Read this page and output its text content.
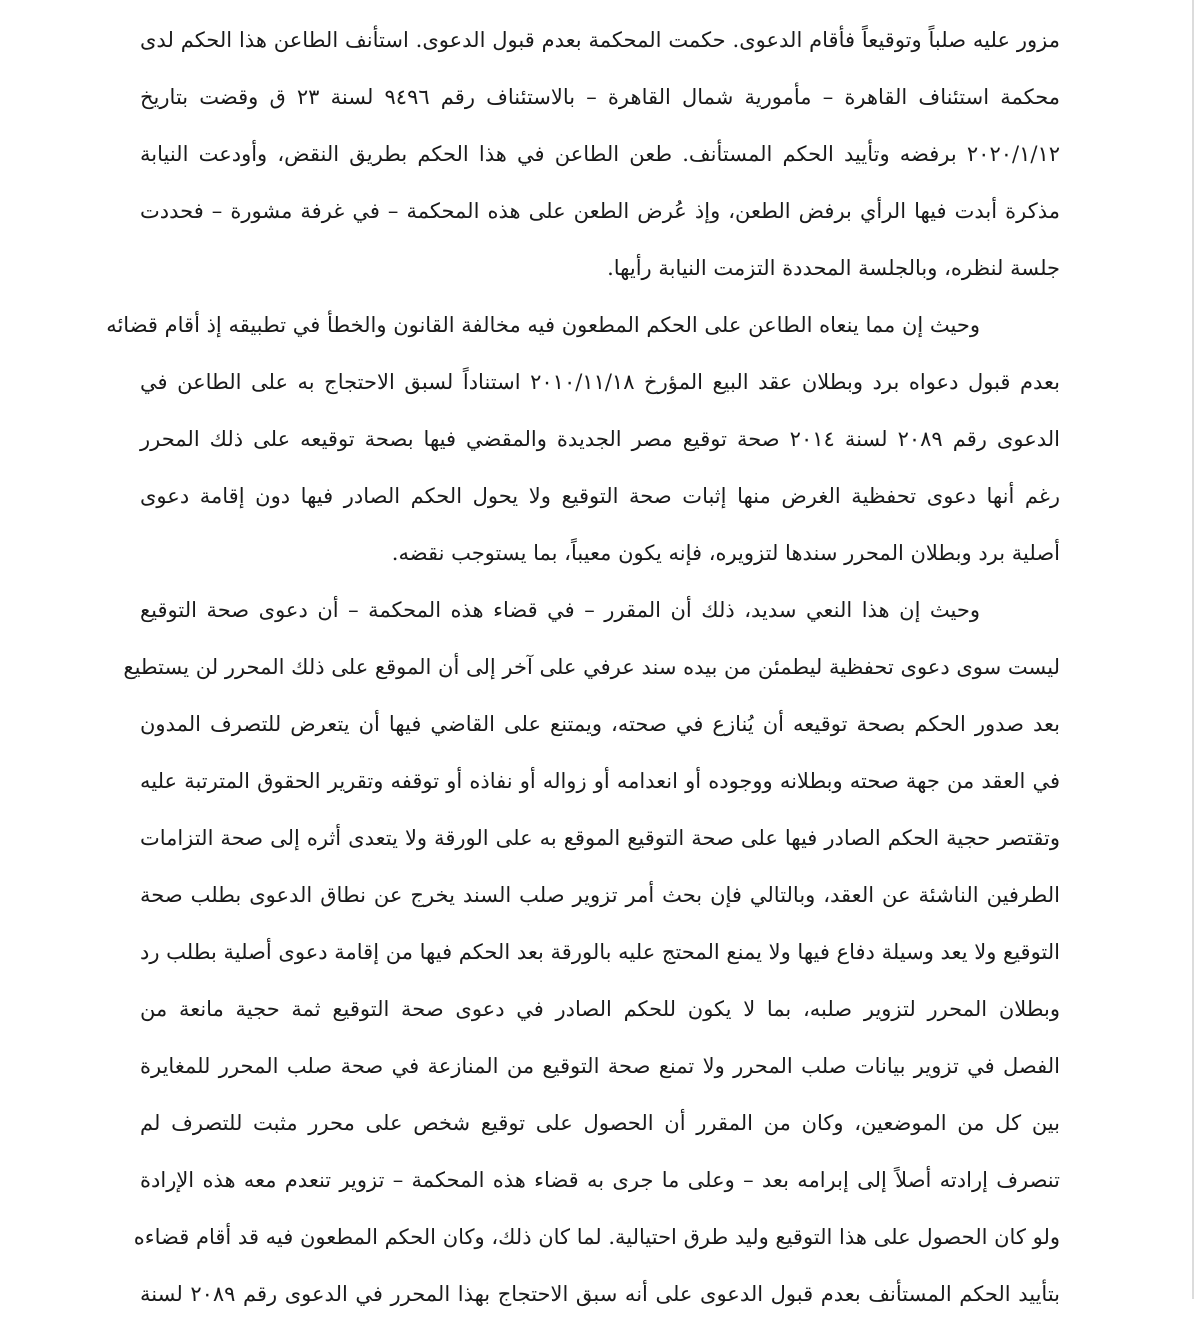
مزور عليه صلباً وتوقيعاً فأقام الدعوى. حكمت المحكمة بعدم قبول الدعوى. استأنف الطاعن هذا الحكم لدى
محكمة استئناف القاهرة – مأمورية شمال القاهرة – بالاستئناف رقم ٩٤٩٦ لسنة ٢٣ ق وقضت بتاريخ
٢٠٢٠/١/١٢ برفضه وتأييد الحكم المستأنف. طعن الطاعن في هذا الحكم بطريق النقض، وأودعت النيابة
مذكرة أبدت فيها الرأي برفض الطعن، وإذ عُرض الطعن على هذه المحكمة – في غرفة مشورة – فحددت
جلسة لنظره، وبالجلسة المحددة التزمت النيابة رأيها.

وحيث إن مما ينعاه الطاعن على الحكم المطعون فيه مخالفة القانون والخطأ في تطبيقه إذ أقام قضائه
بعدم قبول دعواه برد وبطلان عقد البيع المؤرخ ٢٠١٠/١١/١٨ استناداً لسبق الاحتجاج به على الطاعن في
الدعوى رقم ٢٠٨٩ لسنة ٢٠١٤ صحة توقيع مصر الجديدة والمقضي فيها بصحة توقيعه على ذلك المحرر
رغم أنها دعوى تحفظية الغرض منها إثبات صحة التوقيع ولا يحول الحكم الصادر فيها دون إقامة دعوى
أصلية برد وبطلان المحرر سندها لتزويره، فإنه يكون معيباً، بما يستوجب نقضه.

وحيث إن هذا النعي سديد، ذلك أن المقرر – في قضاء هذه المحكمة – أن دعوى صحة التوقيع
ليست سوى دعوى تحفظية ليطمئن من بيده سند عرفي على آخر إلى أن الموقع على ذلك المحرر لن يستطيع
بعد صدور الحكم بصحة توقيعه أن يُنازع في صحته، ويمتنع على القاضي فيها أن يتعرض للتصرف المدون
في العقد من جهة صحته وبطلانه ووجوده أو انعدامه أو زواله أو نفاذه أو توقفه وتقرير الحقوق المترتبة عليه
وتقتصر حجية الحكم الصادر فيها على صحة التوقيع الموقع به على الورقة ولا يتعدى أثره إلى صحة التزامات
الطرفين الناشئة عن العقد، وبالتالي فإن بحث أمر تزوير صلب السند يخرج عن نطاق الدعوى بطلب صحة
التوقيع ولا يعد وسيلة دفاع فيها ولا يمنع المحتج عليه بالورقة بعد الحكم فيها من إقامة دعوى أصلية بطلب رد
وبطلان المحرر لتزوير صلبه، بما لا يكون للحكم الصادر في دعوى صحة التوقيع ثمة حجية مانعة من
الفصل في تزوير بيانات صلب المحرر ولا تمنع صحة التوقيع من المنازعة في صحة صلب المحرر للمغايرة
بين كل من الموضعين، وكان من المقرر أن الحصول على توقيع شخص على محرر مثبت للتصرف لم
تنصرف إرادته أصلاً إلى إبرامه بعد – وعلى ما جرى به قضاء هذه المحكمة – تزوير تنعدم معه هذه الإرادة
ولو كان الحصول على هذا التوقيع وليد طرق احتيالية. لما كان ذلك، وكان الحكم المطعون فيه قد أقام قضاءه
بتأييد الحكم المستأنف بعدم قبول الدعوى على أنه سبق الاحتجاج بهذا المحرر في الدعوى رقم ٢٠٨٩ لسنة
